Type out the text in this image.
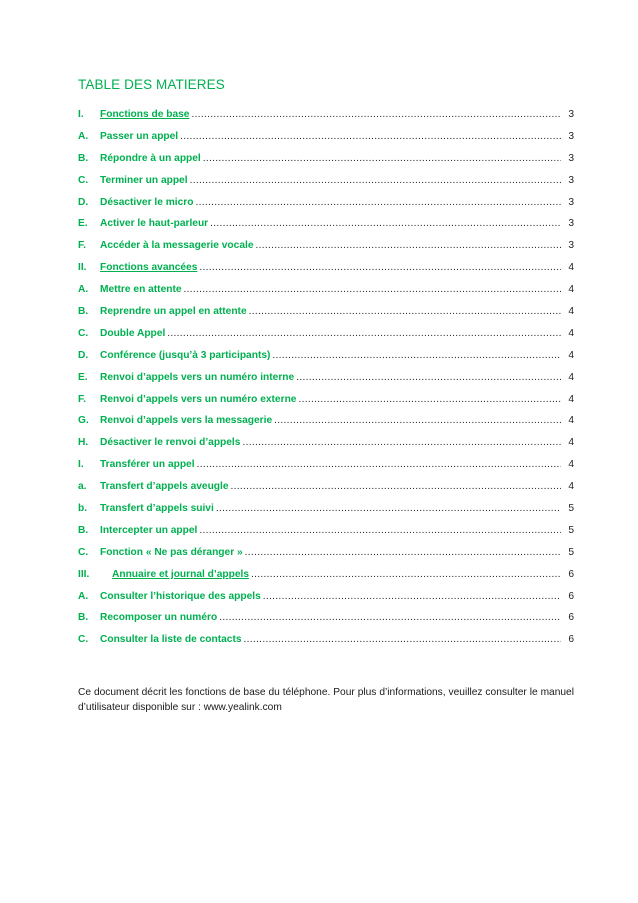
TABLE DES MATIERES
I.	Fonctions de base .....	3
A.	Passer un appel .....	3
B.	Répondre à un appel .....	3
C.	Terminer un appel .....	3
D.	Désactiver le micro .....	3
E.	Activer le haut-parleur .....	3
F.	Accéder à la messagerie vocale .....	3
II.	Fonctions avancées .....	4
A.	Mettre en attente .....	4
B.	Reprendre un appel en attente .....	4
C.	Double Appel .....	4
D.	Conférence (jusqu’à 3 participants) .....	4
E.	Renvoi d’appels vers un numéro interne .....	4
F.	Renvoi d’appels vers un numéro externe .....	4
G.	Renvoi d’appels vers la messagerie .....	4
H.	Désactiver le renvoi d’appels .....	4
I.	Transférer un appel .....	4
a.	Transfert d’appels aveugle .....	4
b.	Transfert d’appels suivi .....	5
B.	Intercepter un appel .....	5
C.	Fonction « Ne pas déranger » .....	5
III.	Annuaire et journal d’appels .....	6
A.	Consulter l’historique des appels .....	6
B.	Recomposer un numéro .....	6
C.	Consulter la liste de contacts .....	6

Ce document décrit les fonctions de base du téléphone. Pour plus d’informations, veuillez consulter le manuel d’utilisateur disponible sur : www.yealink.com
